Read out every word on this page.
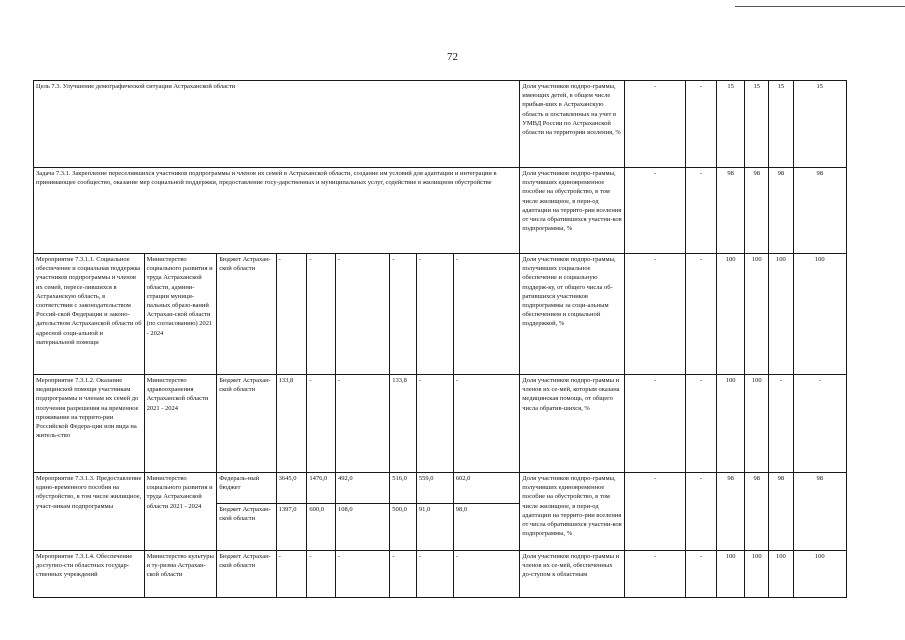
72
Цель 7.3. Улучшение демографической ситуации Астраханской области									Доля участников подпро-граммы, имеющих детей, в общем числе прибыв-ших в Астраханскую область и поставленных на учет в УМВД России по Астраханской области на территории вселения, %	-	-	15	15	15	15
Задача 7.3.1. Закрепление переселившихся участников подпрограммы и членов их семей в Астраханской области, создание им условий для адаптации и интеграции в принимающее сообщество, оказание мер социальной поддержки, предоставление госу-дарственных и муниципальных услуг, содействие в жилищном обустройстве									Доля участников подпро-граммы, получивших единовременное пособие на обустройство, в том числе жилищное, в пери-од адаптации на террито-рии вселения от числа обратившихся участни-ков подпрограммы, %	-	-	98	98	98	98
Мероприятие 7.3.1.1. Социальное обеспечение и социальная поддержка участников подпрограммы и членов их семей, пересе-лившихся в Астраханскую область, в соответствии с законодательством Россий-ской Федерации и законо-дательством Астраханской области об адресной соци-альной и материальной помощи	Министерство социального развития и труда Астраханской области, админи-страции муници-пальных образо-ваний Астрахан-ской области (по согласованию) 2021 - 2024	Бюджет Астрахан-ской области	-	-	-	-	-	-	Доля участников подпро-граммы, получивших социальное обеспечение и социальную поддерж-ку, от общего числа об-ратившихся участников подпрограммы за соци-альным обеспечением и социальной поддержкой, %	-	-	100	100	100	100
Мероприятие 7.3.1.2. Оказание медицинской помощи участникам подпрограммы и членам их семей до получения разрешения на временное проживание на террито-рии Российской Федера-ции или вида на житель-ство	Министерство здравоохранения Астраханской области 2021 - 2024	Бюджет Астрахан-ской области	133,8	-	-	133,8	-	-	Доля участников подпро-граммы и членов их се-мей, которым оказана медицинская помощь, от общего числа обратив-шихся, %	-	-	100	100	-	-
Мероприятие 7.3.1.3. Предоставление едино-временного пособия на обустройство, в том числе жилищное, участ-никам подпрограммы	Министерство социального развития и труда Астраханской области 2021 - 2024	Федераль-ный бюджет	3645,0	1476,0	492,0	516,0	559,0	602,0	Доля участников подпро-граммы, получивших единовременное пособие на обустройство, в том числе жилищное, в пери-од адаптации на террито-рии вселения от числа обратившихся участни-ков подпрограммы, %	-	-	98	98	98	98
		Бюджет Астрахан-ской области	1397,0	600,0	108,0	500,0	91,0	98,0							
Мероприятие 7.3.1.4. Обеспечение доступно-сти областных государ-ственных учреждений	Министерство культуры и ту-ризма Астрахан-ской области	Бюджет Астрахан-ской области	-	-	-	-	-	-	Доля участников подпро-граммы и членов их се-мей, обеспеченных до-ступом к областным	-	-	100	100	100	100
